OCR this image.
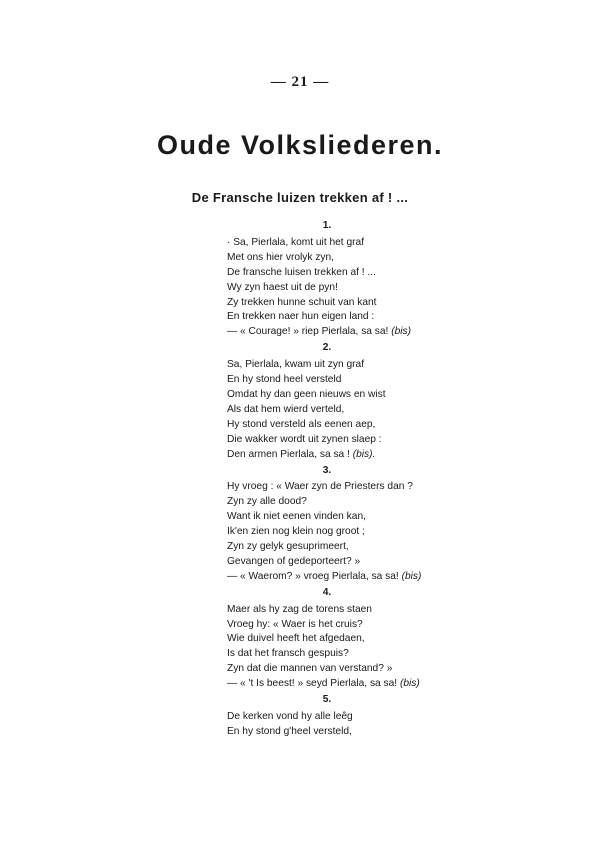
— 21 —
Oude Volksliederen.
De Fransche luizen trekken af ! ...
1.
· Sa, Pierlala, komt uit het graf
Met ons hier vrolyk zyn,
De fransche luisen trekken af ! ...
Wy zyn haest uit de pyn!
Zy trekken hunne schuit van kant
En trekken naer hun eigen land :
— « Courage! » riep Pierlala, sa sa! (bis)
2.
Sa, Pierlala, kwam uit zyn graf
En hy stond heel versteld
Omdat hy dan geen nieuws en wist
Als dat hem wierd verteld,
Hy stond versteld als eenen aep,
Die wakker wordt uit zynen slaep :
Den armen Pierlala, sa sa ! (bis).
3.
Hy vroeg : « Waer zyn de Priesters dan ?
Zyn zy alle dood?
Want ik niet eenen vinden kan,
Ik'en zien nog klein nog groot ;
Zyn zy gelyk gesuprimeert,
Gevangen of gedeporteert? »
— « Waerom? » vroeg Pierlala, sa sa! (bis)
4.
Maer als hy zag de torens staen
Vroeg hy: « Waer is het cruis?
Wie duivel heeft het afgedaen,
Is dat het fransch gespuis?
Zyn dat die mannen van verstand? »
— « 't Is beest! » seyd Pierlala, sa sa! (bis)
5.
De kerken vond hy alle leêg
En hy stond g'heel versteld,
